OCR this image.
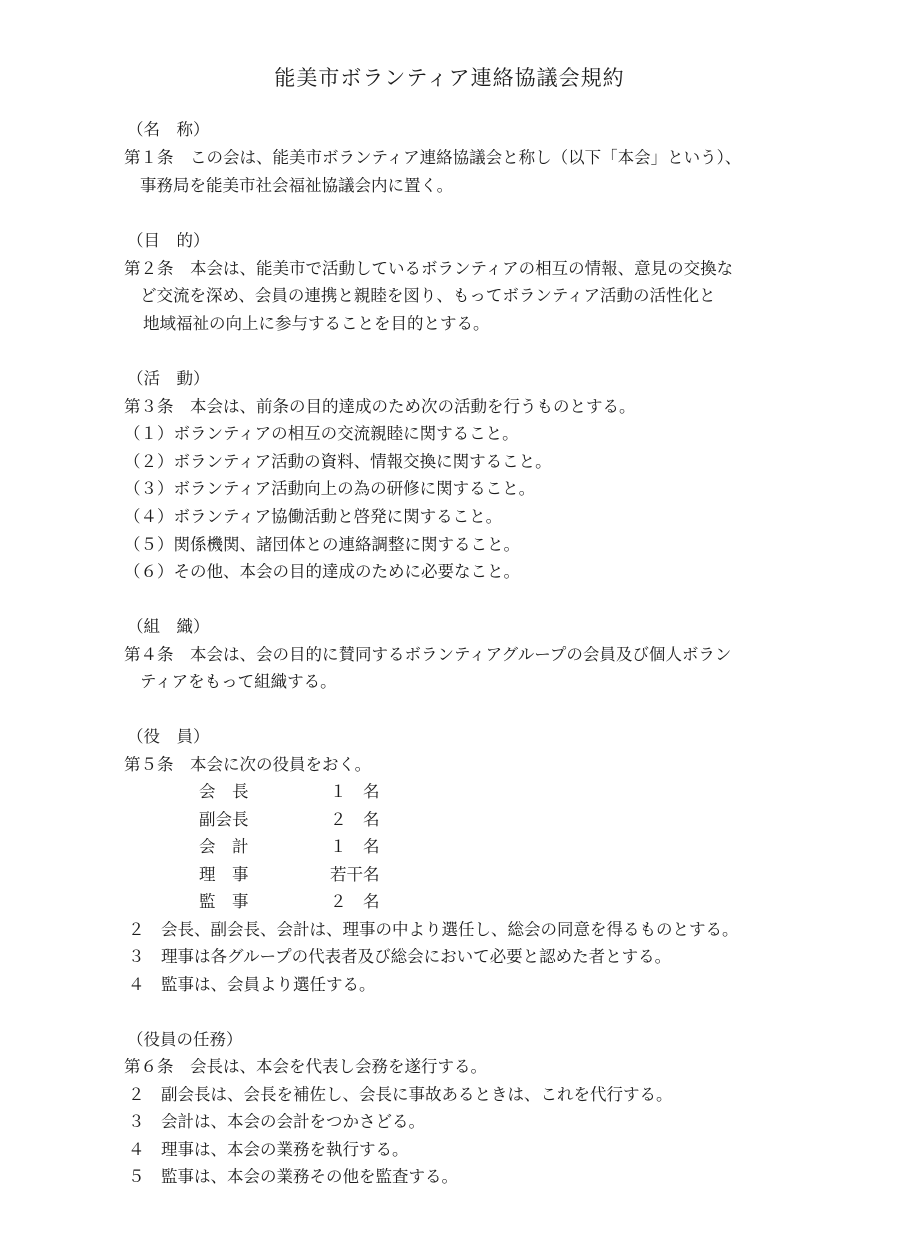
能美市ボランティア連絡協議会規約
（名　称）
第１条　この会は、能美市ボランティア連絡協議会と称し（以下「本会」という）、
事務局を能美市社会福祉協議会内に置く。
（目　的）
第２条　本会は、能美市で活動しているボランティアの相互の情報、意見の交換な
ど交流を深め、会員の連携と親睦を図り、もってボランティア活動の活性化と
地域福祉の向上に参与することを目的とする。
（活　動）
第３条　本会は、前条の目的達成のため次の活動を行うものとする。
（１）ボランティアの相互の交流親睦に関すること。
（２）ボランティア活動の資料、情報交換に関すること。
（３）ボランティア活動向上の為の研修に関すること。
（４）ボランティア協働活動と啓発に関すること。
（５）関係機関、諸団体との連絡調整に関すること。
（６）その他、本会の目的達成のために必要なこと。
（組　織）
第４条　本会は、会の目的に賛同するボランティアグループの会員及び個人ボラン
ティアをもって組織する。
（役　員）
第５条　本会に次の役員をおく。
会　長	１　名
副会長	２　名
会　計	１　名
理　事	若干名
監　事	２　名
２　会長、副会長、会計は、理事の中より選任し、総会の同意を得るものとする。
３　理事は各グループの代表者及び総会において必要と認めた者とする。
４　監事は、会員より選任する。
（役員の任務）
第６条　会長は、本会を代表し会務を遂行する。
２　副会長は、会長を補佐し、会長に事故あるときは、これを代行する。
３　会計は、本会の会計をつかさどる。
４　理事は、本会の業務を執行する。
５　監事は、本会の業務その他を監査する。
